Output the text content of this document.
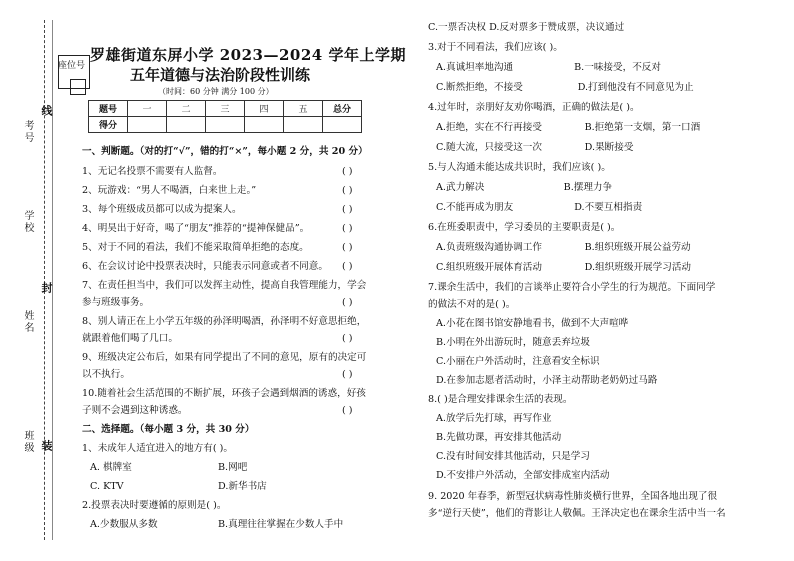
座位号
考号
学校
姓名
班级
线
封
装
罗雄街道东屏小学 2023—2024 学年上学期
五年道德与法治阶段性训练
（时间：60 分钟 满分 100 分）
题号	一	二	三	四	五	总分
得分						
一、判断题。（对的打“√”，错的打“×”，每小题 2 分，共 20 分）
1、无记名投票不需要有人监督。	( )
2、玩游戏：“男人不喝酒，白来世上走。”	( )
3、每个班级成员都可以成为提案人。	( )
4、明昊出于好奇，喝了“朋友”推荐的“提神保健品”。	( )
5、对于不同的看法，我们不能采取简单拒绝的态度。	( )
6、在会议讨论中投票表决时，只能表示同意或者不同意。 ( )
7、在责任担当中，我们可以发挥主动性，提高自我管理能力，学会
参与班级事务。	( )
8、别人请正在上小学五年级的孙泽明喝酒，孙泽明不好意思拒绝，
就跟着他们喝了几口。	( )
9、班级决定公布后，如果有同学提出了不同的意见，原有的决定可
以不执行。	( )
10.随着社会生活范围的不断扩展，环孩子会遇到烟酒的诱惑，好孩
子则不会遇到这种诱惑。	( )
二、选择题。（每小题 3 分，共 30 分）
1、未成年人适宜进入的地方有( )。
A. 棋牌室	B.网吧
C. KTV	D.新华书店
2.投票表决时要遵循的原则是( )。
A.少数服从多数	B.真理往往掌握在少数人手中
C.一票否决权 D.反对票多于赞成票，决议通过
3.对于不同看法，我们应该( )。
A.真诚坦率地沟通                    B.一味接受，不反对
C.断然拒绝，不接受                  D.打到他没有不同意见为止
4.过年时，亲朋好友劝你喝酒，正确的做法是( )。
A.拒绝，实在不行再接受              B.拒绝第一支烟，第一口酒
C.随大流，只接受这一次              D.果断接受
5.与人沟通未能达成共识时，我们应该( )。
A.武力解决                          B.摆理力争
C.不能再成为朋友                    D.不要互相指责
6.在班委职责中，学习委员的主要职责是( )。
A.负责班级沟通协调工作              B.组织班级开展公益劳动
C.组织班级开展体育活动              D.组织班级开展学习活动
7.课余生活中，我们的言谈举止要符合小学生的行为规范。下面同学
的做法不对的是( )。
A.小花在图书馆安静地看书，做到不大声喧哗
B.小明在外出游玩时，随意丢弃垃圾
C.小丽在户外活动时，注意看安全标识
D.在参加志愿者活动时，小泽主动帮助老奶奶过马路
8.( )是合理安排课余生活的表现。
A.放学后先打球，再写作业
B.先做功课，再安排其他活动
C.没有时间安排其他活动，只是学习
D.不安排户外活动，全部安排成室内活动
9. 2020 年春季，新型冠状病毒性肺炎横行世界，全国各地出现了很
多“逆行天使”，他们的背影让人敬佩。王泽决定也在课余生活中当一名
